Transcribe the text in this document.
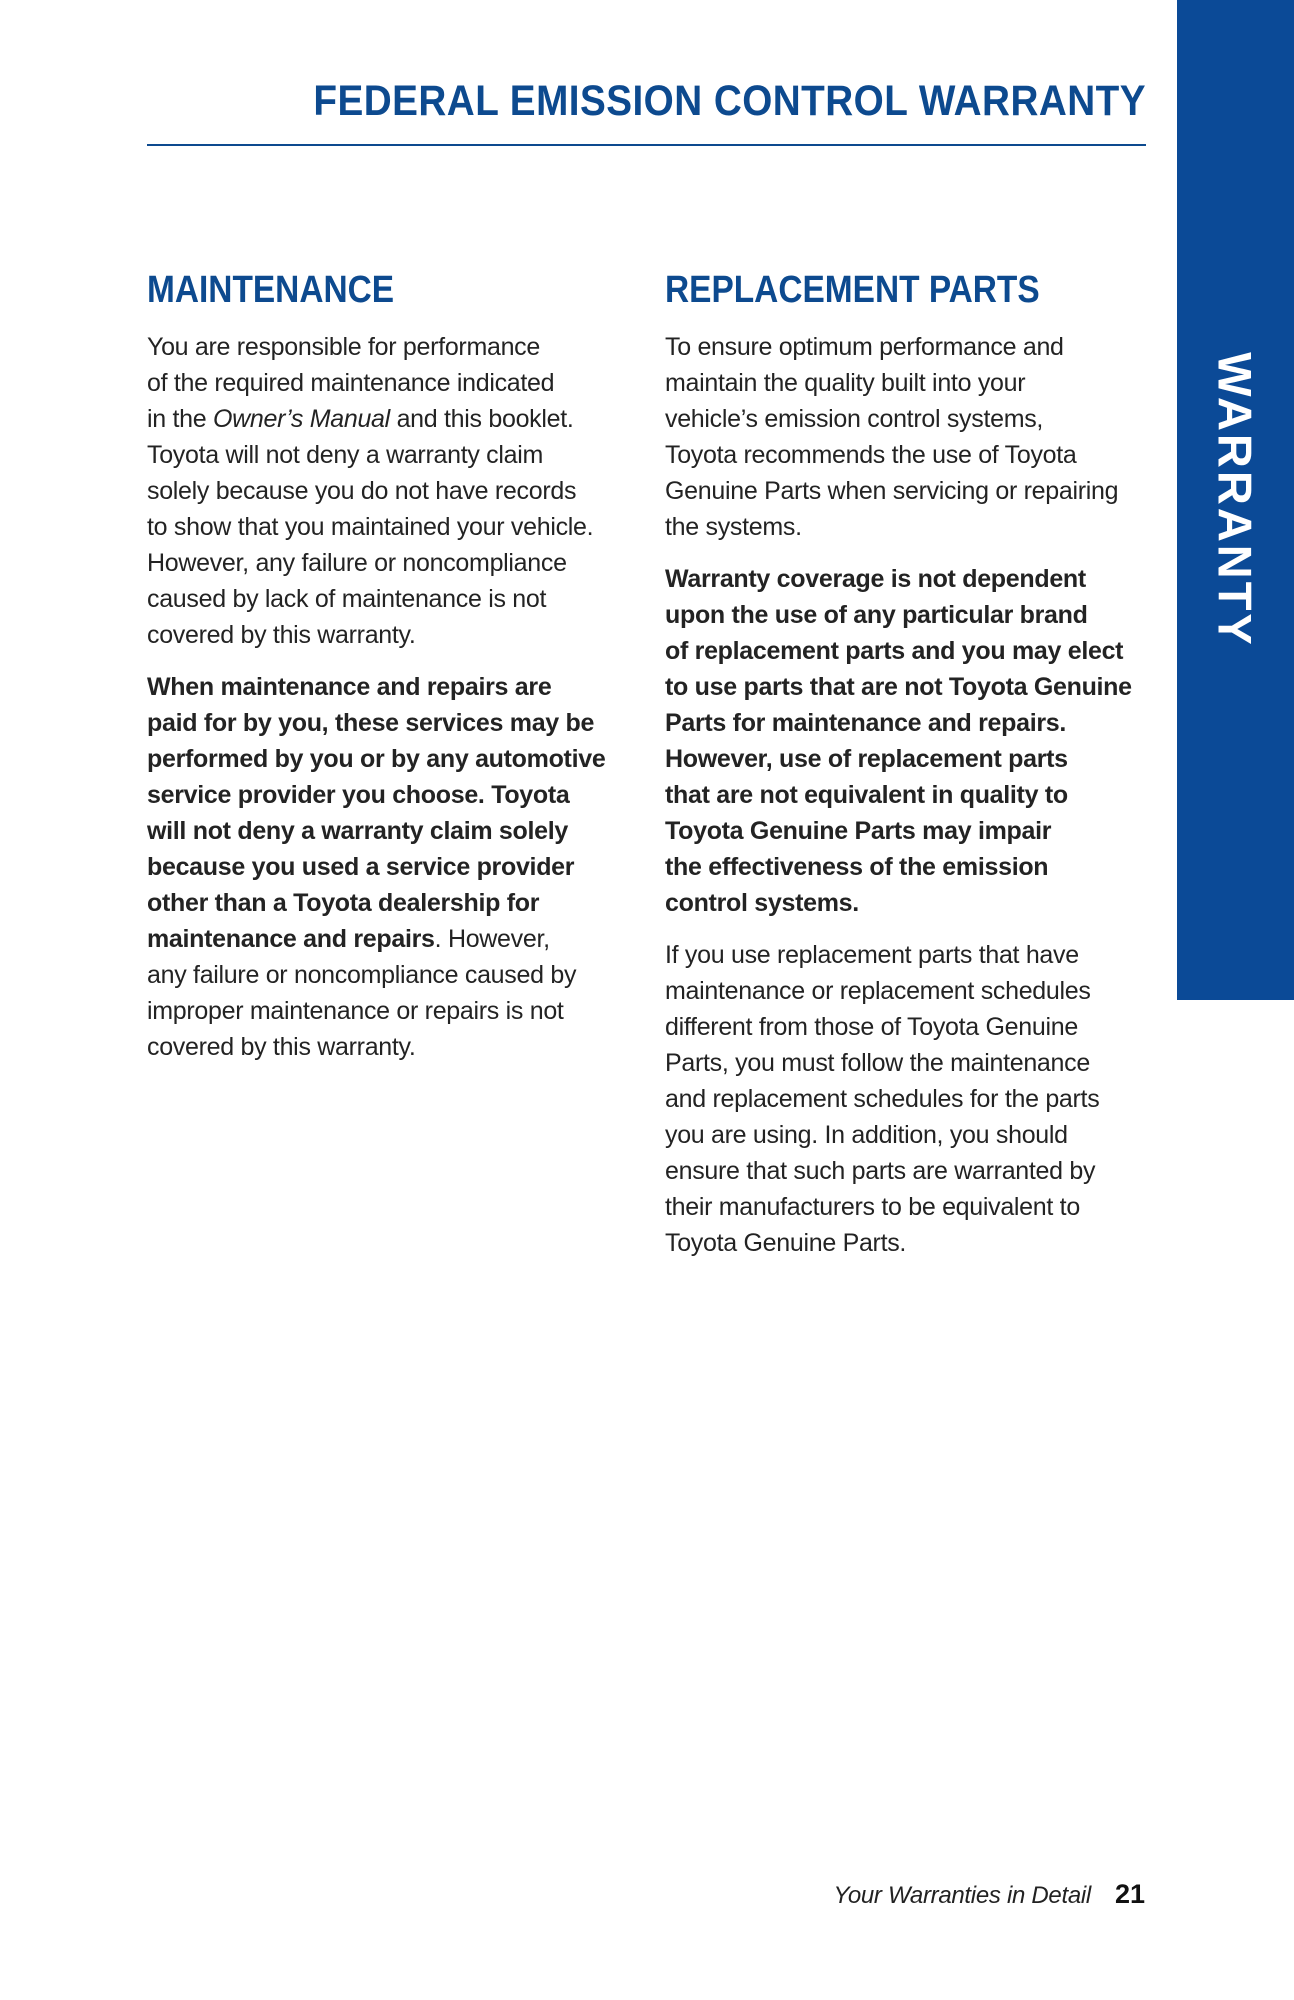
FEDERAL EMISSION CONTROL WARRANTY
WARRANTY
MAINTENANCE

You are responsible for performance
of the required maintenance indicated
in the Owner’s Manual and this booklet.
Toyota will not deny a warranty claim
solely because you do not have records
to show that you maintained your vehicle.
However, any failure or noncompliance
caused by lack of maintenance is not
covered by this warranty.

When maintenance and repairs are
paid for by you, these services may be
performed by you or by any automotive
service provider you choose. Toyota
will not deny a warranty claim solely
because you used a service provider
other than a Toyota dealership for
maintenance and repairs. However,
any failure or noncompliance caused by
improper maintenance or repairs is not
covered by this warranty.

REPLACEMENT PARTS

To ensure optimum performance and
maintain the quality built into your
vehicle’s emission control systems,
Toyota recommends the use of Toyota
Genuine Parts when servicing or repairing
the systems.

Warranty coverage is not dependent
upon the use of any particular brand
of replacement parts and you may elect
to use parts that are not Toyota Genuine
Parts for maintenance and repairs.
However, use of replacement parts
that are not equivalent in quality to
Toyota Genuine Parts may impair
the effectiveness of the emission
control systems.

If you use replacement parts that have
maintenance or replacement schedules
different from those of Toyota Genuine
Parts, you must follow the maintenance
and replacement schedules for the parts
you are using. In addition, you should
ensure that such parts are warranted by
their manufacturers to be equivalent to
Toyota Genuine Parts.

Your Warranties in Detail 21
